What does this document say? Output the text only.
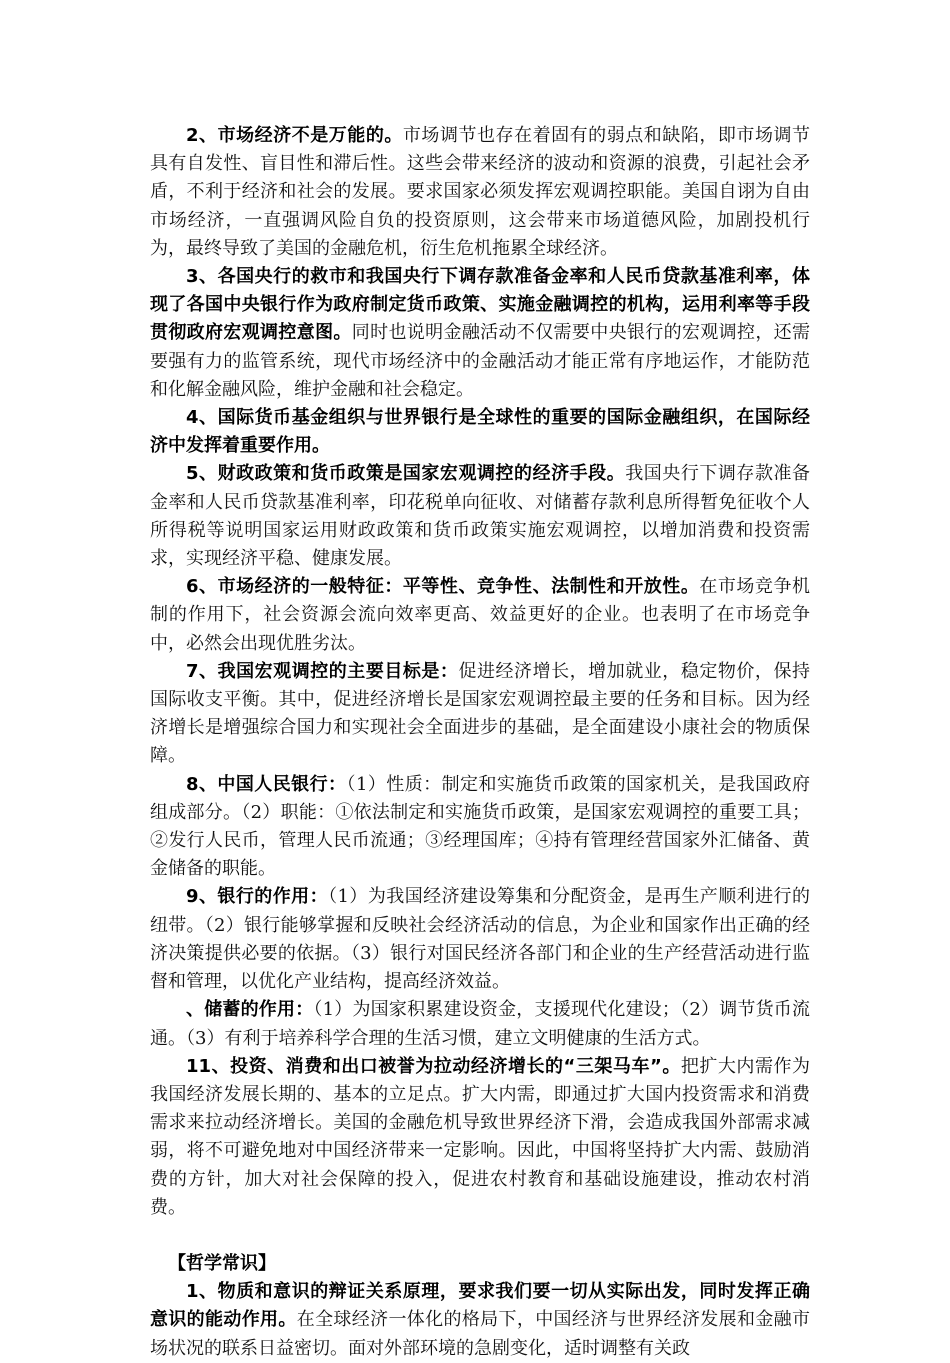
2、市场经济不是万能的。市场调节也存在着固有的弱点和缺陷，即市场调节具有自发性、盲目性和滞后性。这些会带来经济的波动和资源的浪费，引起社会矛盾，不利于经济和社会的发展。要求国家必须发挥宏观调控职能。美国自诩为自由市场经济，一直强调风险自负的投资原则，这会带来市场道德风险，加剧投机行为，最终导致了美国的金融危机，衍生危机拖累全球经济。

3、各国央行的救市和我国央行下调存款准备金率和人民币贷款基准利率，体现了各国中央银行作为政府制定货币政策、实施金融调控的机构，运用利率等手段贯彻政府宏观调控意图。同时也说明金融活动不仅需要中央银行的宏观调控，还需要强有力的监管系统，现代市场经济中的金融活动才能正常有序地运作，才能防范和化解金融风险，维护金融和社会稳定。

4、国际货币基金组织与世界银行是全球性的重要的国际金融组织，在国际经济中发挥着重要作用。

5、财政政策和货币政策是国家宏观调控的经济手段。我国央行下调存款准备金率和人民币贷款基准利率，印花税单向征收、对储蓄存款利息所得暂免征收个人所得税等说明国家运用财政政策和货币政策实施宏观调控，以增加消费和投资需求，实现经济平稳、健康发展。

6、市场经济的一般特征：平等性、竞争性、法制性和开放性。在市场竞争机制的作用下，社会资源会流向效率更高、效益更好的企业。也表明了在市场竞争中，必然会出现优胜劣汰。

7、我国宏观调控的主要目标是：促进经济增长，增加就业，稳定物价，保持国际收支平衡。其中，促进经济增长是国家宏观调控最主要的任务和目标。因为经济增长是增强综合国力和实现社会全面进步的基础，是全面建设小康社会的物质保障。

8、中国人民银行：（1）性质：制定和实施货币政策的国家机关，是我国政府组成部分。（2）职能：①依法制定和实施货币政策，是国家宏观调控的重要工具；②发行人民币，管理人民币流通；③经理国库；④持有管理经营国家外汇储备、黄金储备的职能。

9、银行的作用：（1）为我国经济建设筹集和分配资金，是再生产顺利进行的纽带。（2）银行能够掌握和反映社会经济活动的信息，为企业和国家作出正确的经济决策提供必要的依据。（3）银行对国民经济各部门和企业的生产经营活动进行监督和管理，以优化产业结构，提高经济效益。

、储蓄的作用：（1）为国家积累建设资金，支援现代化建设；（2）调节货币流通。（3）有利于培养科学合理的生活习惯，建立文明健康的生活方式。

11、投资、消费和出口被誉为拉动经济增长的“三架马车”。把扩大内需作为我国经济发展长期的、基本的立足点。扩大内需，即通过扩大国内投资需求和消费需求来拉动经济增长。美国的金融危机导致世界经济下滑，会造成我国外部需求减弱，将不可避免地对中国经济带来一定影响。因此，中国将坚持扩大内需、鼓励消费的方针，加大对社会保障的投入，促进农村教育和基础设施建设，推动农村消费。

【哲学常识】

1、物质和意识的辩证关系原理，要求我们要一切从实际出发，同时发挥正确意识的能动作用。在全球经济一体化的格局下，中国经济与世界经济发展和金融市场状况的联系日益密切。面对外部环境的急剧变化，适时调整有关政
